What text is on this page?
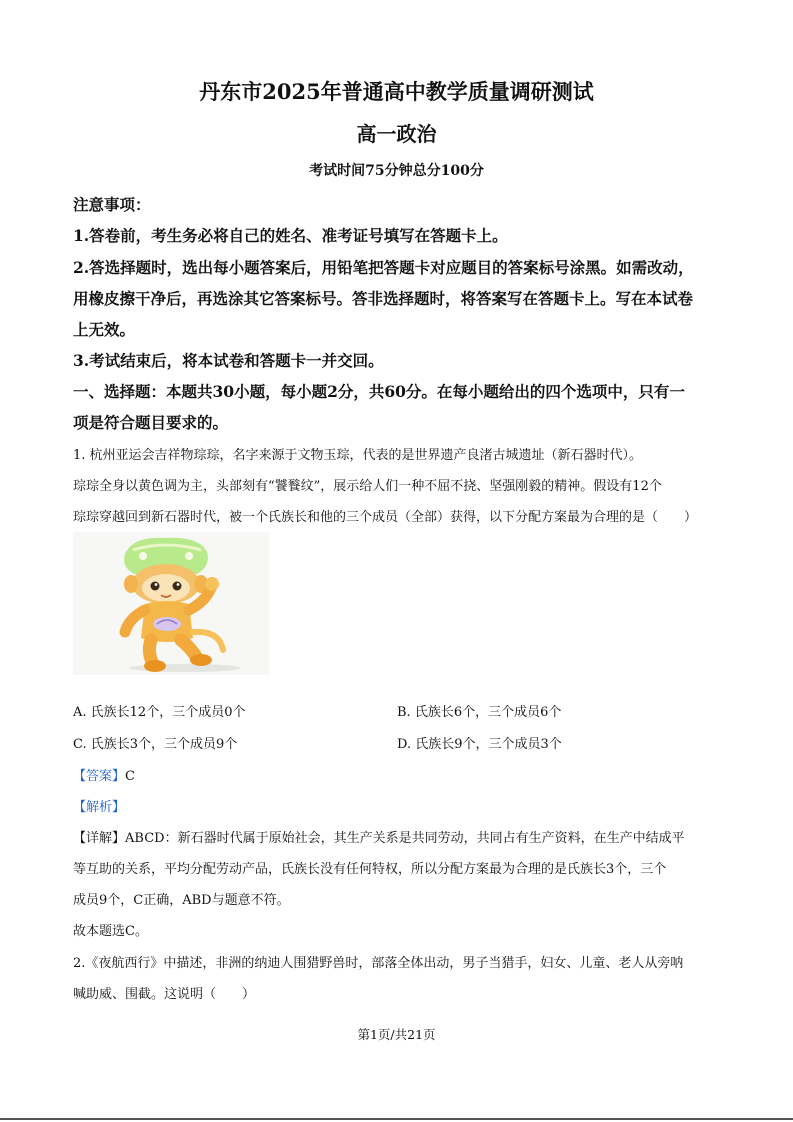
丹东市2025年普通高中教学质量调研测试
高一政治
考试时间75分钟总分100分
注意事项：
1.答卷前，考生务必将自己的姓名、准考证号填写在答题卡上。
2.答选择题时，选出每小题答案后，用铅笔把答题卡对应题目的答案标号涂黑。如需改动，
用橡皮擦干净后，再选涂其它答案标号。答非选择题时，将答案写在答题卡上。写在本试卷
上无效。
3.考试结束后，将本试卷和答题卡一并交回。
一、选择题：本题共30小题，每小题2分，共60分。在每小题给出的四个选项中，只有一
项是符合题目要求的。
1. 杭州亚运会吉祥物琮琮，名字来源于文物玉琮，代表的是世界遗产良渚古城遗址（新石器时代）。
琮琮全身以黄色调为主，头部刻有“饕餮纹”，展示给人们一种不屈不挠、坚强刚毅的精神。假设有12个
琮琮穿越回到新石器时代，被一个氏族长和他的三个成员（全部）获得，以下分配方案最为合理的是（　　）
A. 氏族长12个，三个成员0个	B. 氏族长6个，三个成员6个
C. 氏族长3个，三个成员9个	D. 氏族长9个，三个成员3个
【答案】C
【解析】
【详解】ABCD：新石器时代属于原始社会，其生产关系是共同劳动，共同占有生产资料，在生产中结成平
等互助的关系，平均分配劳动产品，氏族长没有任何特权，所以分配方案最为合理的是氏族长3个，三个
成员9个，C正确，ABD与题意不符。
故本题选C。
2.《夜航西行》中描述，非洲的纳迪人围猎野兽时，部落全体出动，男子当猎手，妇女、儿童、老人从旁呐
喊助威、围截。这说明（　　）
第1页/共21页
